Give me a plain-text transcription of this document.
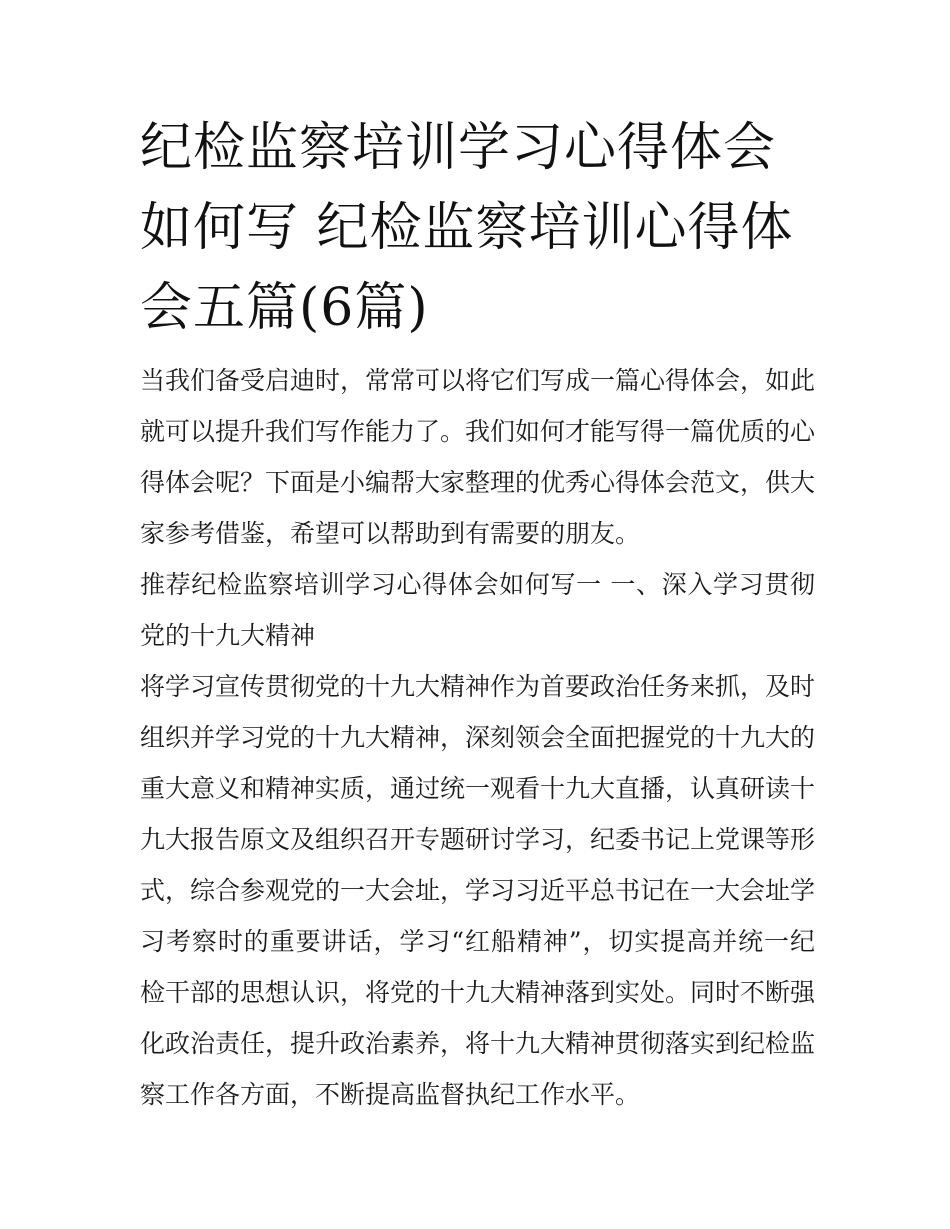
纪检监察培训学习心得体会如何写 纪检监察培训心得体会五篇(6篇)

当我们备受启迪时，常常可以将它们写成一篇心得体会，如此就可以提升我们写作能力了。我们如何才能写得一篇优质的心得体会呢？下面是小编帮大家整理的优秀心得体会范文，供大家参考借鉴，希望可以帮助到有需要的朋友。

推荐纪检监察培训学习心得体会如何写一 一、深入学习贯彻党的十九大精神

将学习宣传贯彻党的十九大精神作为首要政治任务来抓，及时组织并学习党的十九大精神，深刻领会全面把握党的十九大的重大意义和精神实质，通过统一观看十九大直播，认真研读十九大报告原文及组织召开专题研讨学习，纪委书记上党课等形式，综合参观党的一大会址，学习习近平总书记在一大会址学习考察时的重要讲话，学习“红船精神”，切实提高并统一纪检干部的思想认识，将党的十九大精神落到实处。同时不断强化政治责任，提升政治素养，将十九大精神贯彻落实到纪检监察工作各方面，不断提高监督执纪工作水平。
